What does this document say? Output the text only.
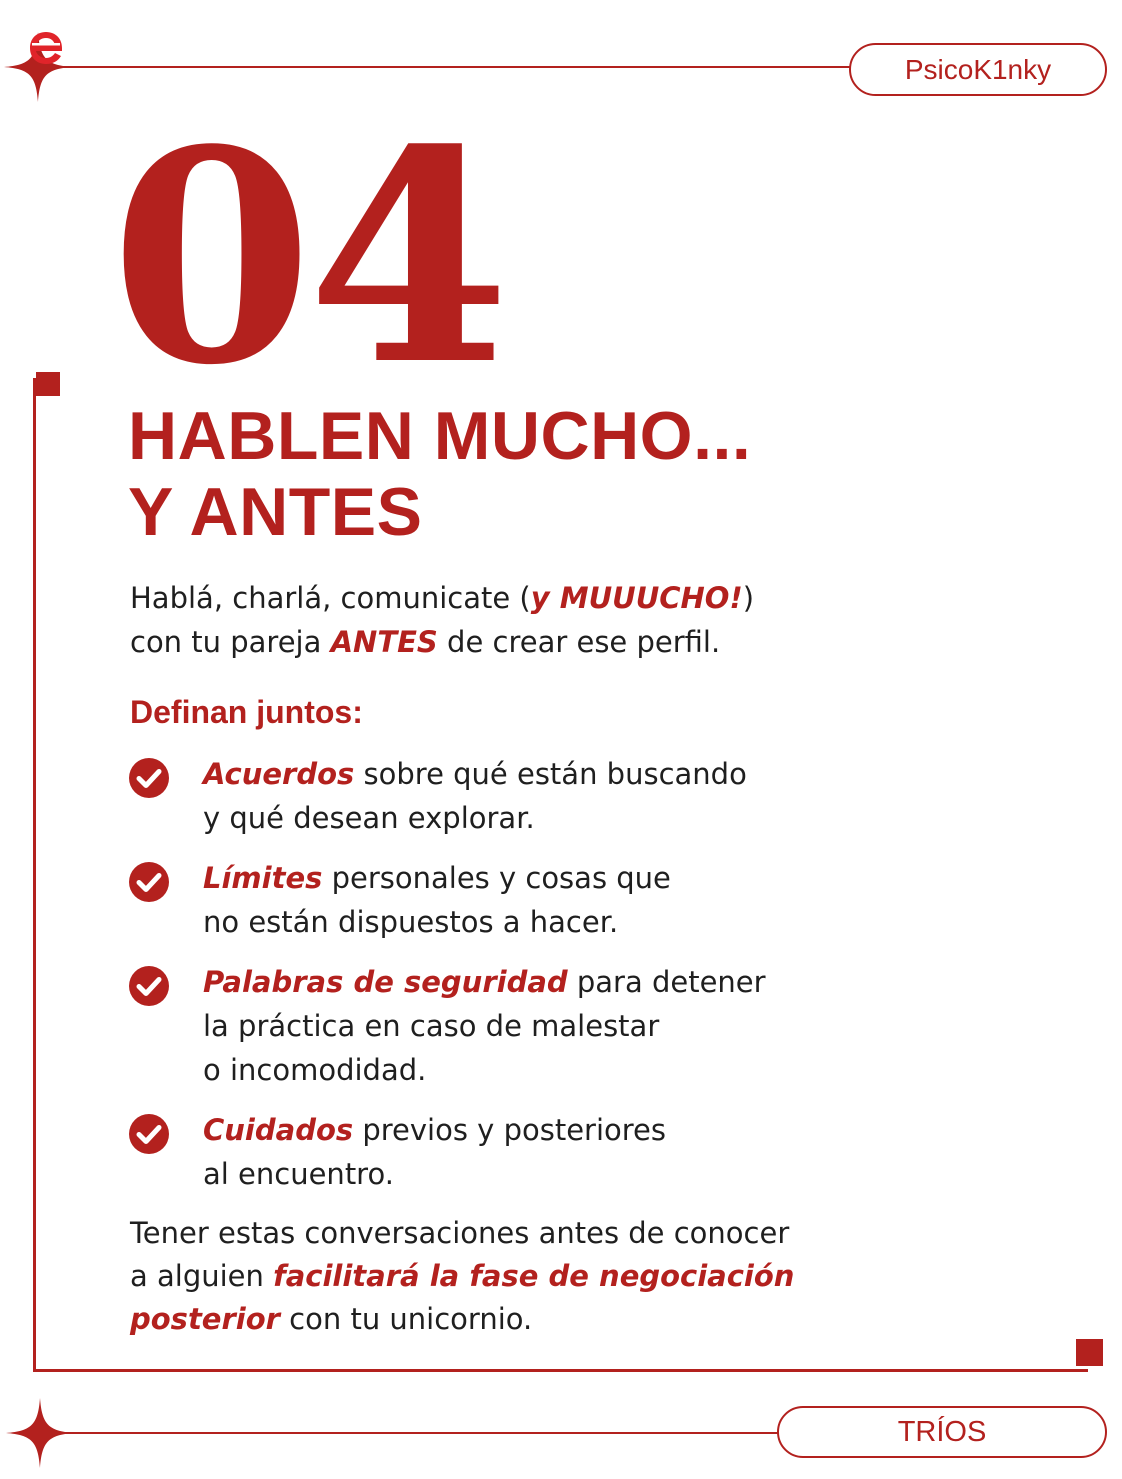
PsicoK1nky
04
HABLEN MUCHO...
Y ANTES

Hablá, charlá, comunicate (y MUUUCHO!)
con tu pareja ANTES de crear ese perfil.

Definan juntos:
Acuerdos sobre qué están buscando
y qué desean explorar.
Límites personales y cosas que
no están dispuestos a hacer.
Palabras de seguridad para detener
la práctica en caso de malestar
o incomodidad.
Cuidados previos y posteriores
al encuentro.

Tener estas conversaciones antes de conocer
a alguien facilitará la fase de negociación
posterior con tu unicornio.

TRÍOS
